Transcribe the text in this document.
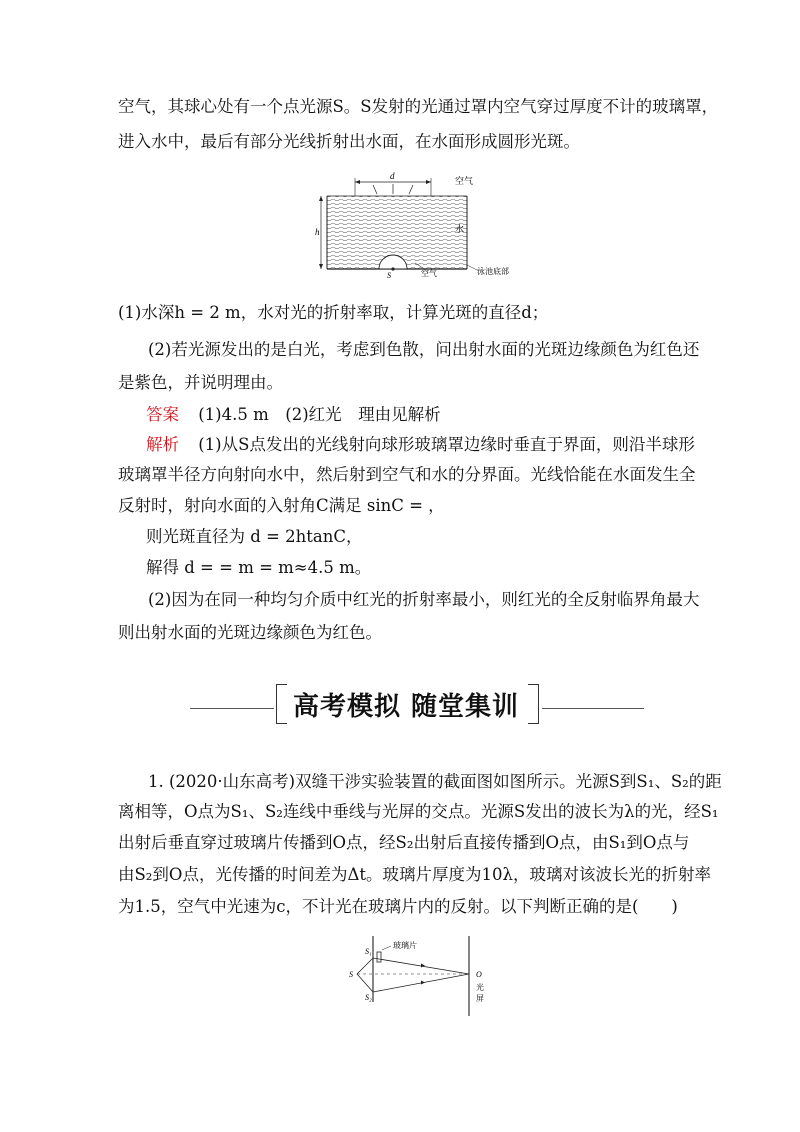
空气，其球心处有一个点光源S。S发射的光通过罩内空气穿过厚度不计的玻璃罩，
进入水中，最后有部分光线折射出水面，在水面形成圆形光斑。
d
空气
水
h
S	空气	泳池底部
(1)水深h = 2 m，水对光的折射率取，计算光斑的直径d；
(2)若光源发出的是白光，考虑到色散，问出射水面的光斑边缘颜色为红色还
是紫色，并说明理由。
答案 (1)4.5 m　(2)红光　理由见解析
解析 (1)从S点发出的光线射向球形玻璃罩边缘时垂直于界面，则沿半球形
玻璃罩半径方向射向水中，然后射到空气和水的分界面。光线恰能在水面发生全
反射时，射向水面的入射角C满足 sinC = ，
则光斑直径为 d = 2htanC，
解得 d = = m = m≈4.5 m。
(2)因为在同一种均匀介质中红光的折射率最小，则红光的全反射临界角最大
则出射水面的光斑边缘颜色为红色。
高考模拟 随堂集训
1. (2020·山东高考)双缝干涉实验装置的截面图如图所示。光源S到S₁、S₂的距
离相等，O点为S₁、S₂连线中垂线与光屏的交点。光源S发出的波长为λ的光，经S₁
出射后垂直穿过玻璃片传播到O点，经S₂出射后直接传播到O点，由S₁到O点与
由S₂到O点，光传播的时间差为Δt。玻璃片厚度为10λ，玻璃对该波长光的折射率
为1.5，空气中光速为c，不计光在玻璃片内的反射。以下判断正确的是(　　)
S
S₁
S₂
玻璃片
O
光
屏
